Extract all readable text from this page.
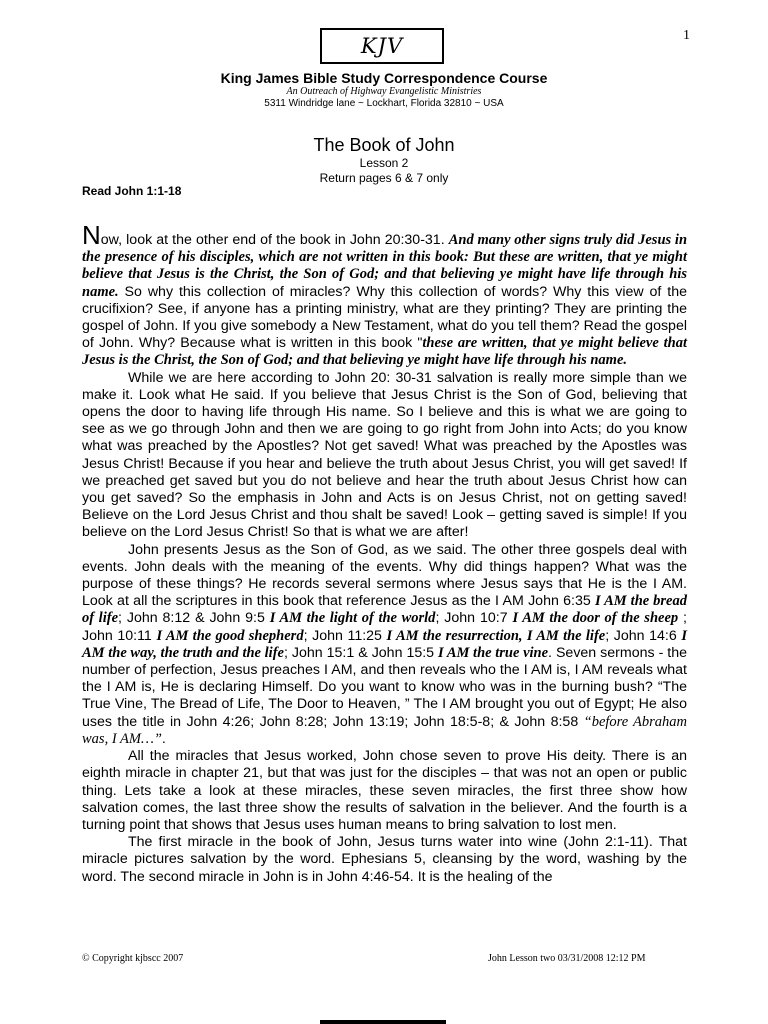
1
KJV
King James Bible Study Correspondence Course
An Outreach of Highway Evangelistic Ministries
5311 Windridge lane ~ Lockhart, Florida 32810 ~ USA
The Book of John
Lesson 2
Return pages 6 & 7 only
Read John 1:1-18

Now, look at the other end of the book in John 20:30-31. And many other signs truly did Jesus in the presence of his disciples, which are not written in this book: But these are written, that ye might believe that Jesus is the Christ, the Son of God; and that believing ye might have life through his name. So why this collection of miracles? Why this collection of words? Why this view of the crucifixion? See, if anyone has a printing ministry, what are they printing? They are printing the gospel of John. If you give somebody a New Testament, what do you tell them? Read the gospel of John. Why? Because what is written in this book "these are written, that ye might believe that Jesus is the Christ, the Son of God; and that believing ye might have life through his name.

While we are here according to John 20: 30-31 salvation is really more simple than we make it. Look what He said. If you believe that Jesus Christ is the Son of God, believing that opens the door to having life through His name. So I believe and this is what we are going to see as we go through John and then we are going to go right from John into Acts; do you know what was preached by the Apostles? Not get saved! What was preached by the Apostles was Jesus Christ! Because if you hear and believe the truth about Jesus Christ, you will get saved! If we preached get saved but you do not believe and hear the truth about Jesus Christ how can you get saved? So the emphasis in John and Acts is on Jesus Christ, not on getting saved! Believe on the Lord Jesus Christ and thou shalt be saved! Look – getting saved is simple! If you believe on the Lord Jesus Christ! So that is what we are after!

John presents Jesus as the Son of God, as we said. The other three gospels deal with events. John deals with the meaning of the events. Why did things happen? What was the purpose of these things? He records several sermons where Jesus says that He is the I AM. Look at all the scriptures in this book that reference Jesus as the I AM John 6:35 I AM the bread of life; John 8:12 & John 9:5 I AM the light of the world; John 10:7 I AM the door of the sheep ; John 10:11 I AM the good shepherd; John 11:25 I AM the resurrection, I AM the life; John 14:6 I AM the way, the truth and the life; John 15:1 & John 15:5 I AM the true vine. Seven sermons - the number of perfection, Jesus preaches I AM, and then reveals who the I AM is, I AM reveals what the I AM is, He is declaring Himself. Do you want to know who was in the burning bush? “The True Vine, The Bread of Life, The Door to Heaven, ” The I AM brought you out of Egypt; He also uses the title in John 4:26; John 8:28; John 13:19; John 18:5-8; & John 8:58 “before Abraham was, I AM…”.

All the miracles that Jesus worked, John chose seven to prove His deity. There is an eighth miracle in chapter 21, but that was just for the disciples – that was not an open or public thing. Lets take a look at these miracles, these seven miracles, the first three show how salvation comes, the last three show the results of salvation in the believer. And the fourth is a turning point that shows that Jesus uses human means to bring salvation to lost men.

The first miracle in the book of John, Jesus turns water into wine (John 2:1-11). That miracle pictures salvation by the word. Ephesians 5, cleansing by the word, washing by the word. The second miracle in John is in John 4:46-54. It is the healing of the

© Copyright kjbscc 2007	John Lesson two 03/31/2008 12:12 PM
